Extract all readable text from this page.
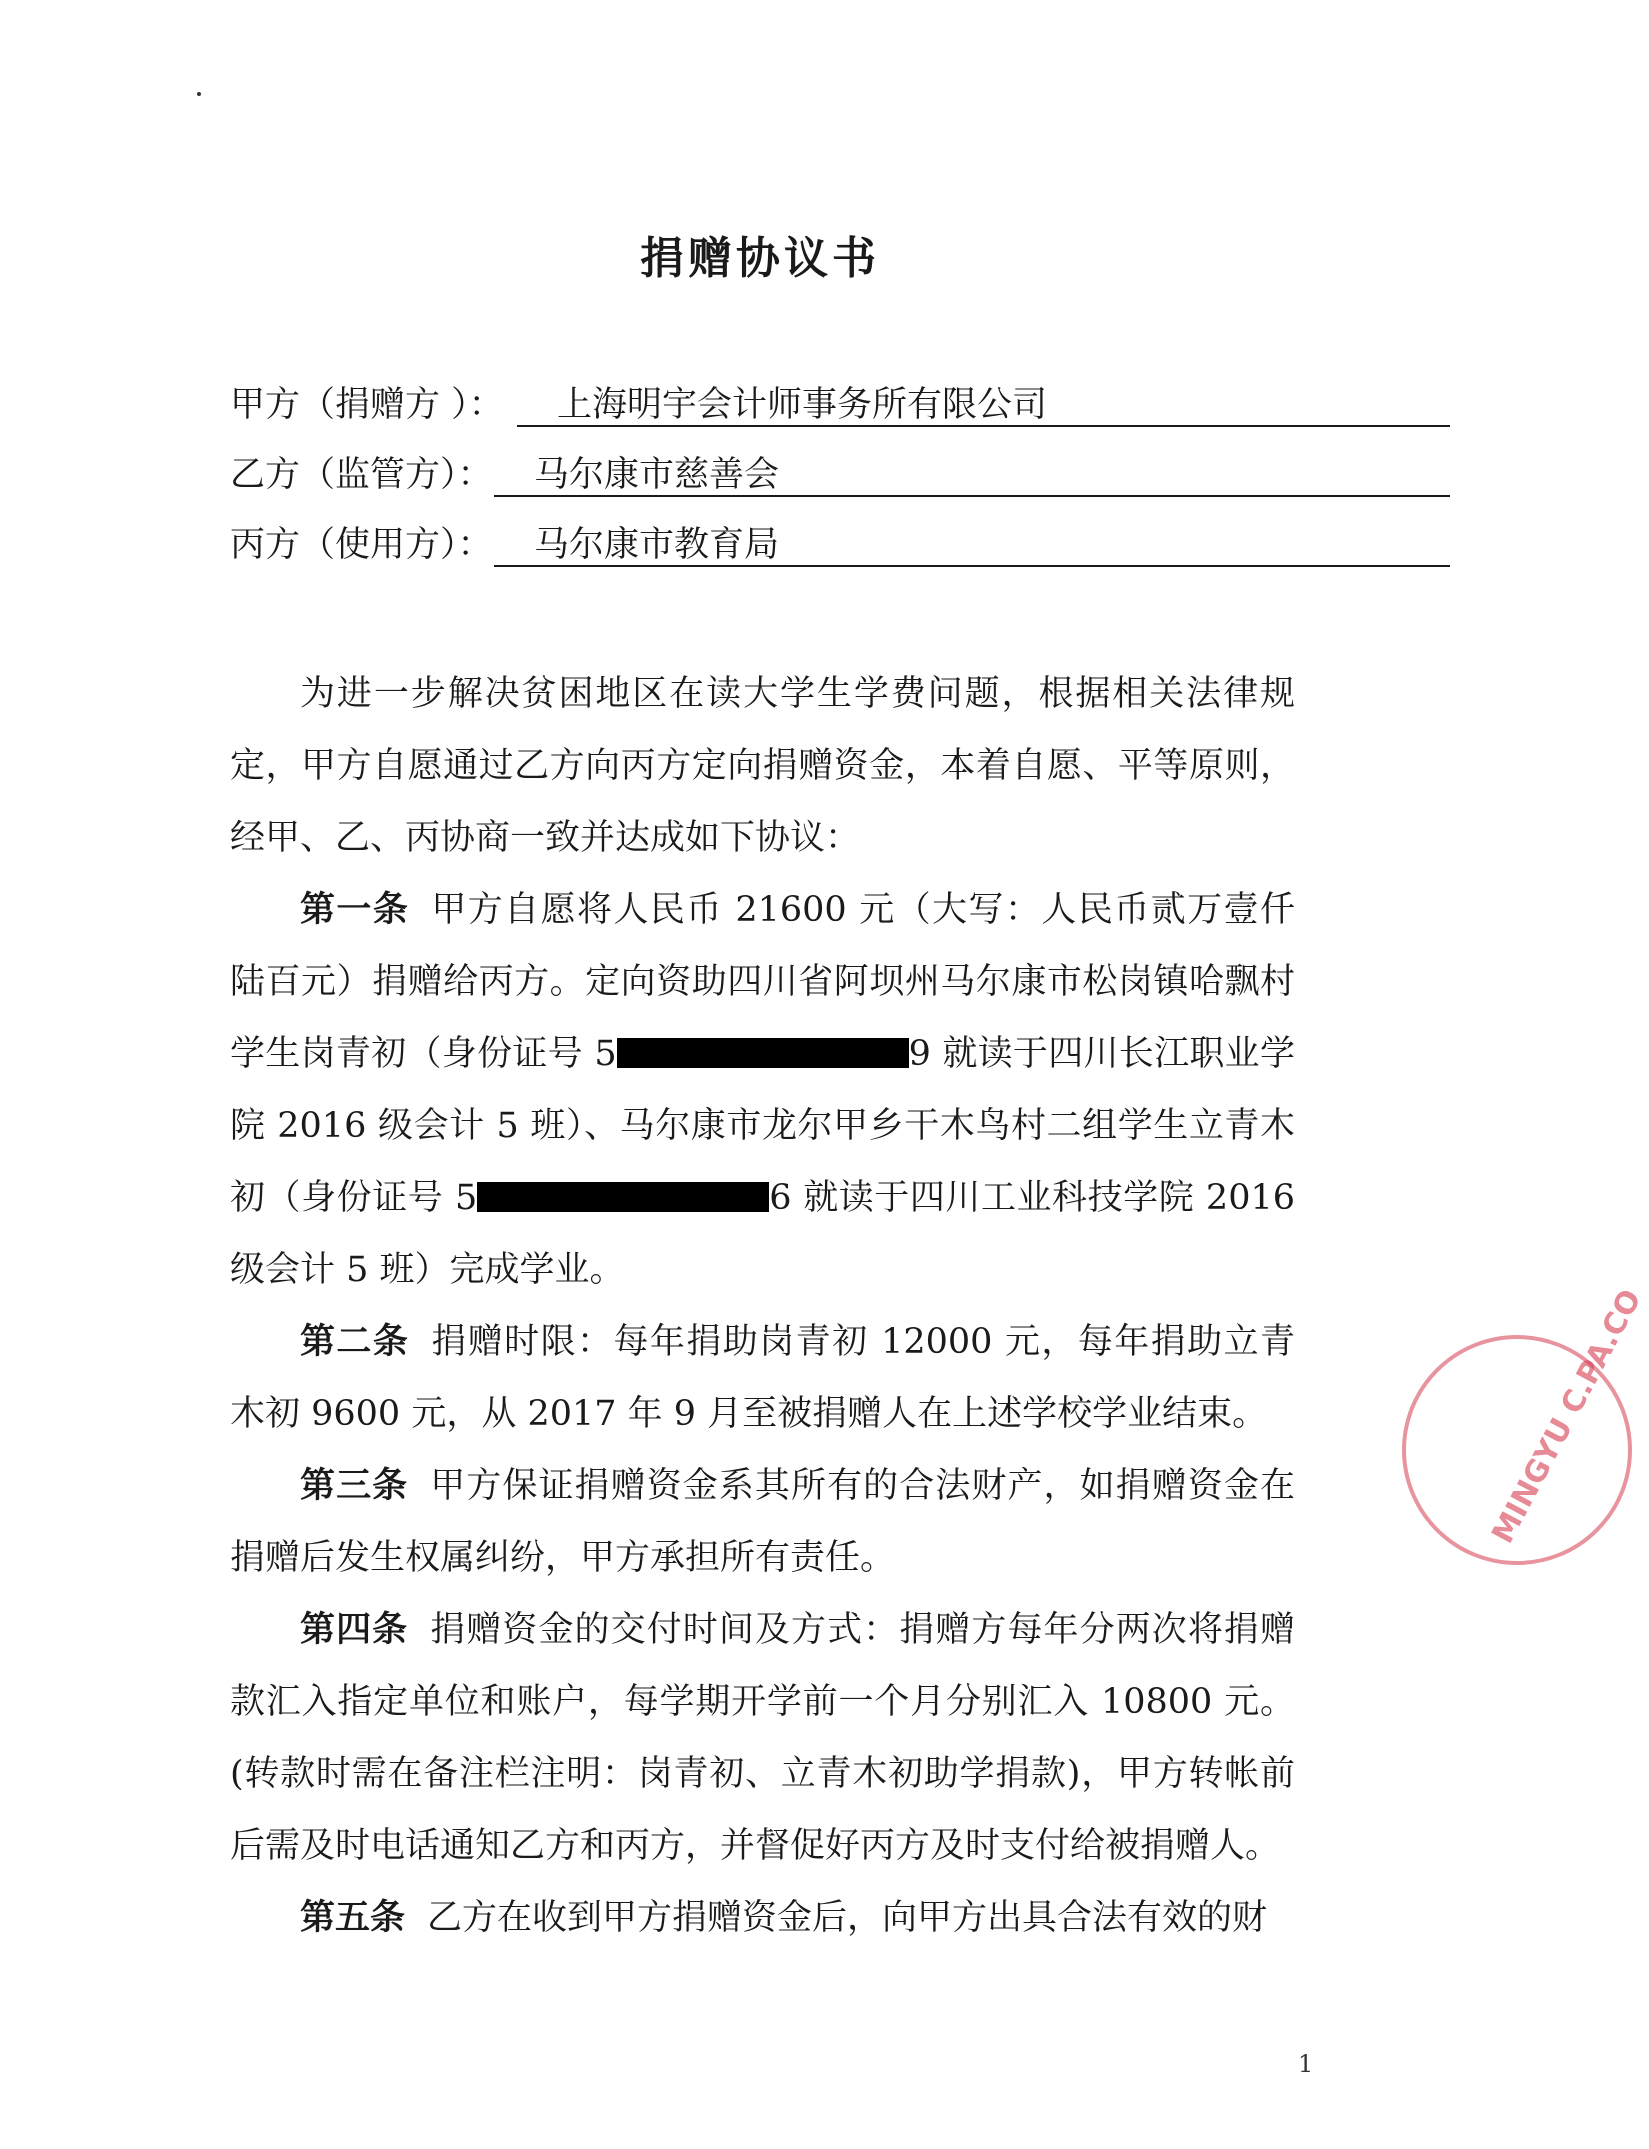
捐赠协议书
甲方（捐赠方 ）：	上海明宇会计师事务所有限公司
乙方（监管方）：	马尔康市慈善会
丙方（使用方）：	马尔康市教育局

为进一步解决贫困地区在读大学生学费问题，根据相关法律规定，甲方自愿通过乙方向丙方定向捐赠资金，本着自愿、平等原则，经甲、乙、丙协商一致并达成如下协议：

第一条 甲方自愿将人民币 21600 元（大写：人民币贰万壹仟陆百元）捐赠给丙方。定向资助四川省阿坝州马尔康市松岗镇哈飘村学生岗青初（身份证号 5	9 就读于四川长江职业学院 2016 级会计 5 班）、马尔康市龙尔甲乡干木鸟村二组学生立青木初（身份证号 5	6 就读于四川工业科技学院 2016 级会计 5 班）完成学业。

第二条 捐赠时限：每年捐助岗青初 12000 元，每年捐助立青木初 9600 元，从 2017 年 9 月至被捐赠人在上述学校学业结束。

第三条 甲方保证捐赠资金系其所有的合法财产，如捐赠资金在捐赠后发生权属纠纷，甲方承担所有责任。

第四条 捐赠资金的交付时间及方式：捐赠方每年分两次将捐赠款汇入指定单位和账户，每学期开学前一个月分别汇入 10800 元。(转款时需在备注栏注明：岗青初、立青木初助学捐款)，甲方转帐前后需及时电话通知乙方和丙方，并督促好丙方及时支付给被捐赠人。

第五条 乙方在收到甲方捐赠资金后，向甲方出具合法有效的财

MINGYU C.PA.CO
1
